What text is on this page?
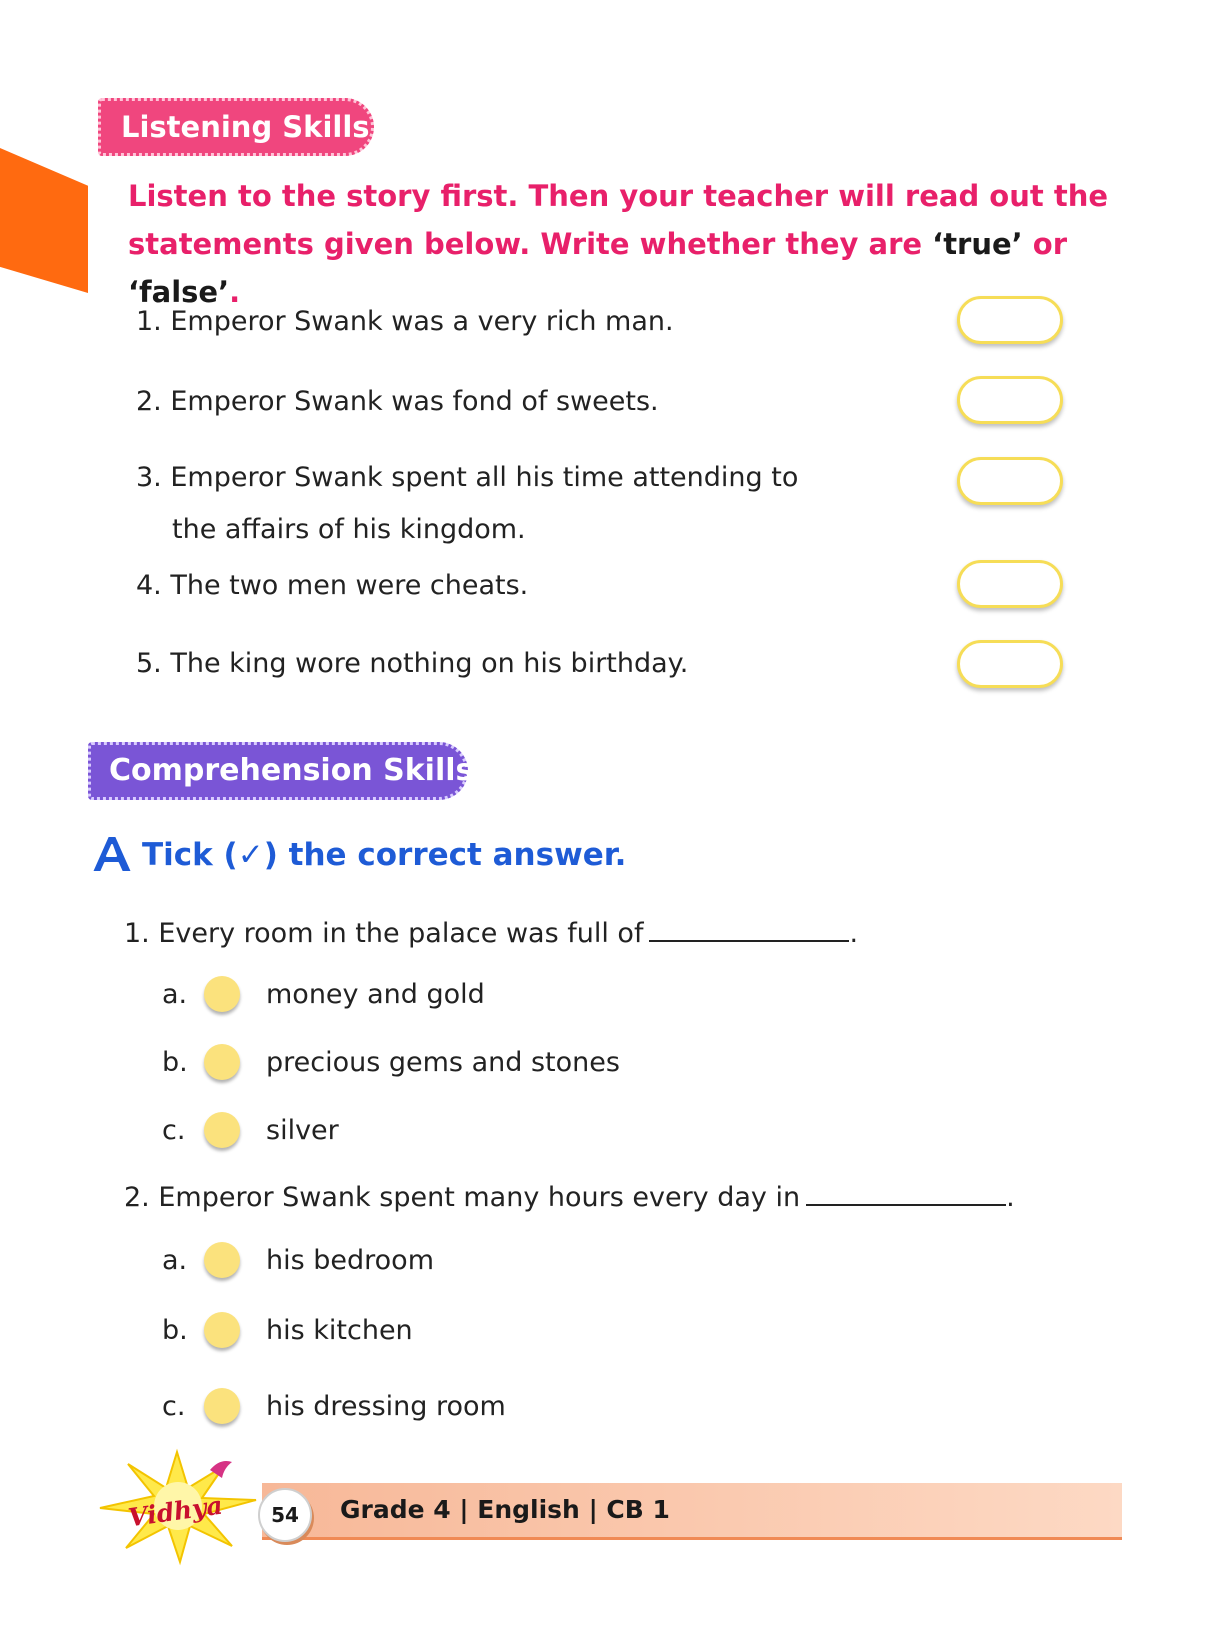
Listening Skills
Listen to the story first. Then your teacher will read out the statements given below. Write whether they are ‘true’ or ‘false’.
1. Emperor Swank was a very rich man.
2. Emperor Swank was fond of sweets.
3. Emperor Swank spent all his time attending to
the affairs of his kingdom.
4. The two men were cheats.
5. The king wore nothing on his birthday.
Comprehension Skills
Tick (✓) the correct answer.
1. Every room in the palace was full of	.
a.	money and gold
b.	precious gems and stones
c.	silver
2. Emperor Swank spent many hours every day in	.
a.	his bedroom
b.	his kitchen
c.	his dressing room
Vidhya	54	Grade 4 | English | CB 1
